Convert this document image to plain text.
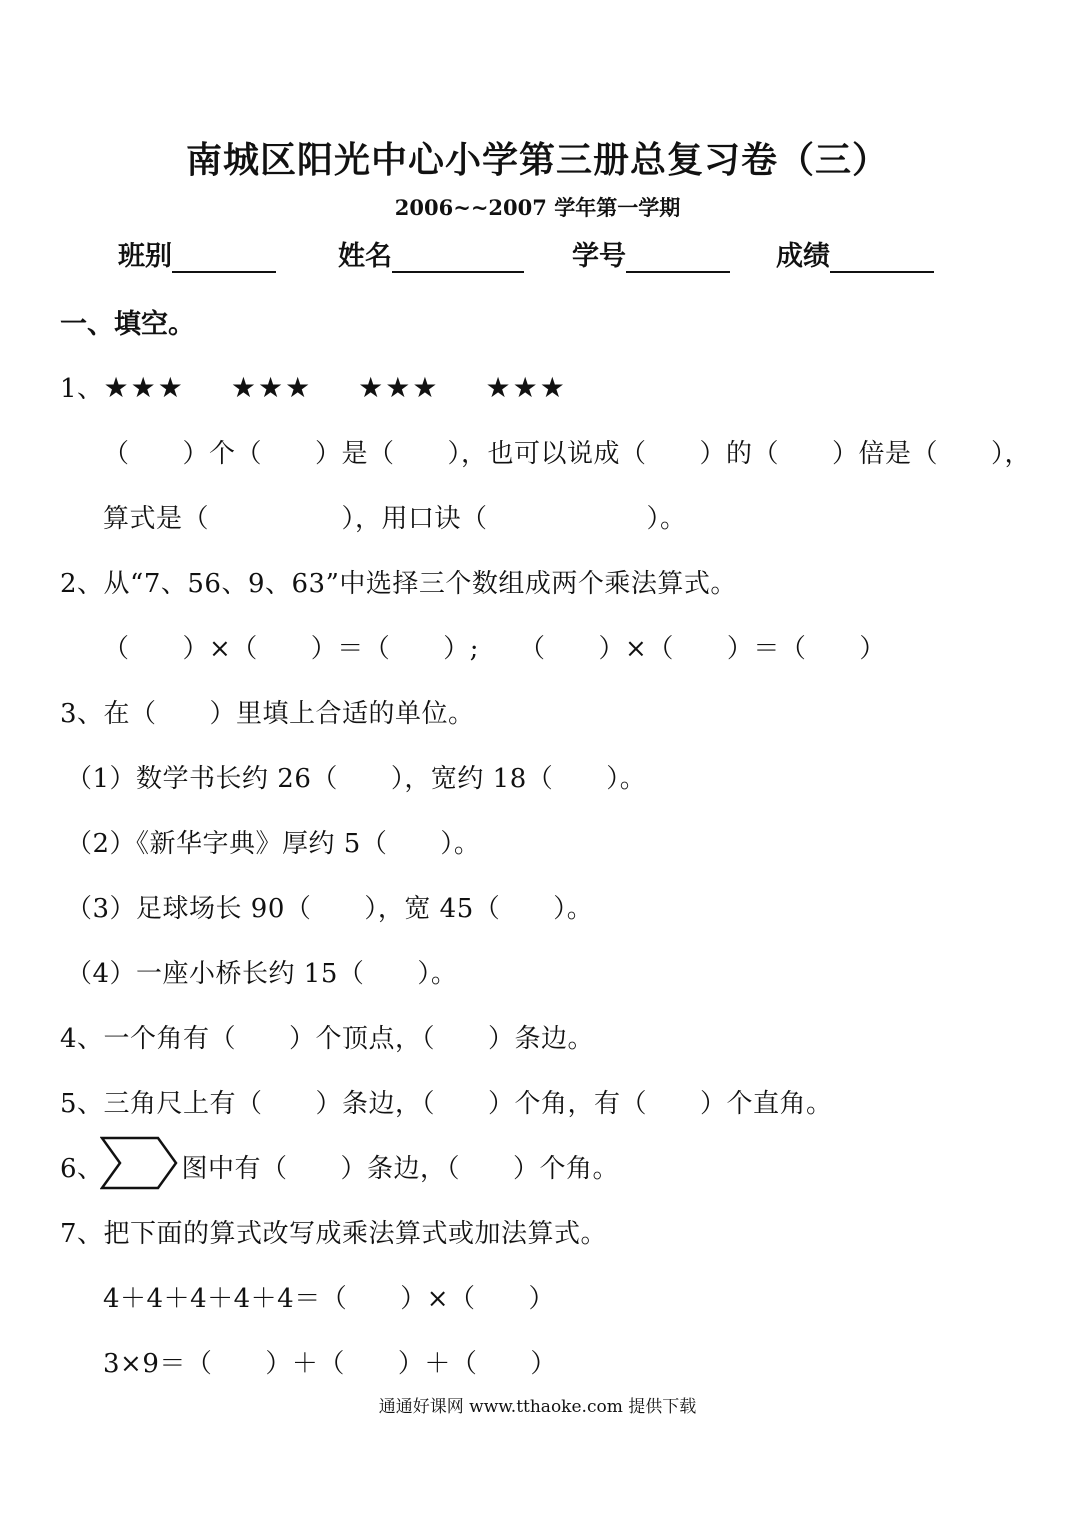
南城区阳光中心小学第三册总复习卷（三）
2006~~2007 学年第一学期
班别	姓名	学号	成绩
一、填空。
1、★★★ ★★★ ★★★ ★★★
（　　）个（　　）是（　　），也可以说成（　　）的（　　）倍是（　　），
算式是（　　　　　），用口诀（　　　　　　）。
2、从“7、56、9、63”中选择三个数组成两个乘法算式。
（　　）×（　　）＝（　　）;　　（　　）×（　　）＝（　　）
3、在（　　）里填上合适的单位。
（1）数学书长约 26（　　），宽约 18（　　）。
（2）《新华字典》厚约 5（　　）。
（3）足球场长 90（　　），宽 45（　　）。
（4）一座小桥长约 15（　　）。
4、一个角有（　　）个顶点，（　　）条边。
5、三角尺上有（　　）条边，（　　）个角，有（　　）个直角。
6、	图中有（　　）条边，（　　）个角。
7、把下面的算式改写成乘法算式或加法算式。
4＋4＋4＋4＋4＝（　　）×（　　）
3×9＝（　　）＋（　　）＋（　　）
通通好课网 www.tthaoke.com 提供下载
